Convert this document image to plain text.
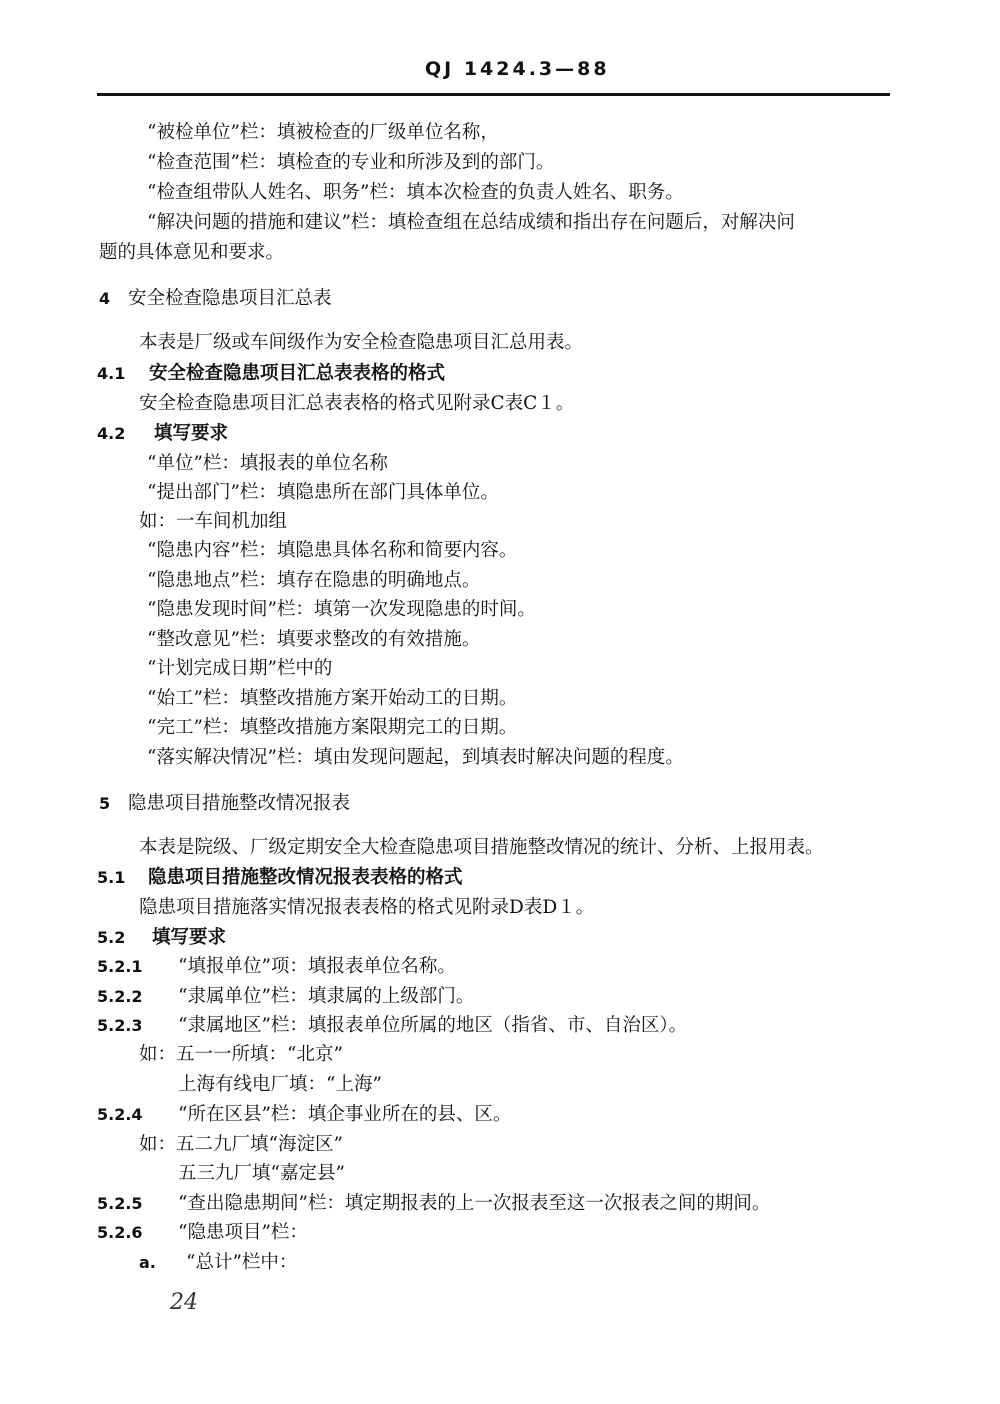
QJ 1424.3—88
“被检单位”栏：填被检查的厂级单位名称，
“检查范围”栏：填检查的专业和所涉及到的部门。
“检查组带队人姓名、职务”栏：填本次检查的负责人姓名、职务。
“解决问题的措施和建议”栏：填检查组在总结成绩和指出存在问题后，对解决问
题的具体意见和要求。
4 安全检查隐患项目汇总表
本表是厂级或车间级作为安全检查隐患项目汇总用表。
4.1 安全检查隐患项目汇总表表格的格式
安全检查隐患项目汇总表表格的格式见附录C表C１。
4.2 填写要求
“单位”栏：填报表的单位名称
“提出部门”栏：填隐患所在部门具体单位。
如：一车间机加组
“隐患内容”栏：填隐患具体名称和简要内容。
“隐患地点”栏：填存在隐患的明确地点。
“隐患发现时间”栏：填第一次发现隐患的时间。
“整改意见”栏：填要求整改的有效措施。
“计划完成日期”栏中的
“始工”栏：填整改措施方案开始动工的日期。
“完工”栏：填整改措施方案限期完工的日期。
“落实解决情况”栏：填由发现问题起，到填表时解决问题的程度。
5 隐患项目措施整改情况报表
本表是院级、厂级定期安全大检查隐患项目措施整改情况的统计、分析、上报用表。
5.1 隐患项目措施整改情况报表表格的格式
隐患项目措施落实情况报表表格的格式见附录D表D１。
5.2 填写要求
5.2.1 “填报单位”项：填报表单位名称。
5.2.2 “隶属单位”栏：填隶属的上级部门。
5.2.3 “隶属地区”栏：填报表单位所属的地区（指省、市、自治区）。
如：五一一所填：“北京”
上海有线电厂填：“上海”
5.2.4 “所在区县”栏：填企事业所在的县、区。
如：五二九厂填“海淀区”
五三九厂填“嘉定县”
5.2.5 “查出隐患期间”栏：填定期报表的上一次报表至这一次报表之间的期间。
5.2.6 “隐患项目”栏：
a. “总计”栏中：
24
